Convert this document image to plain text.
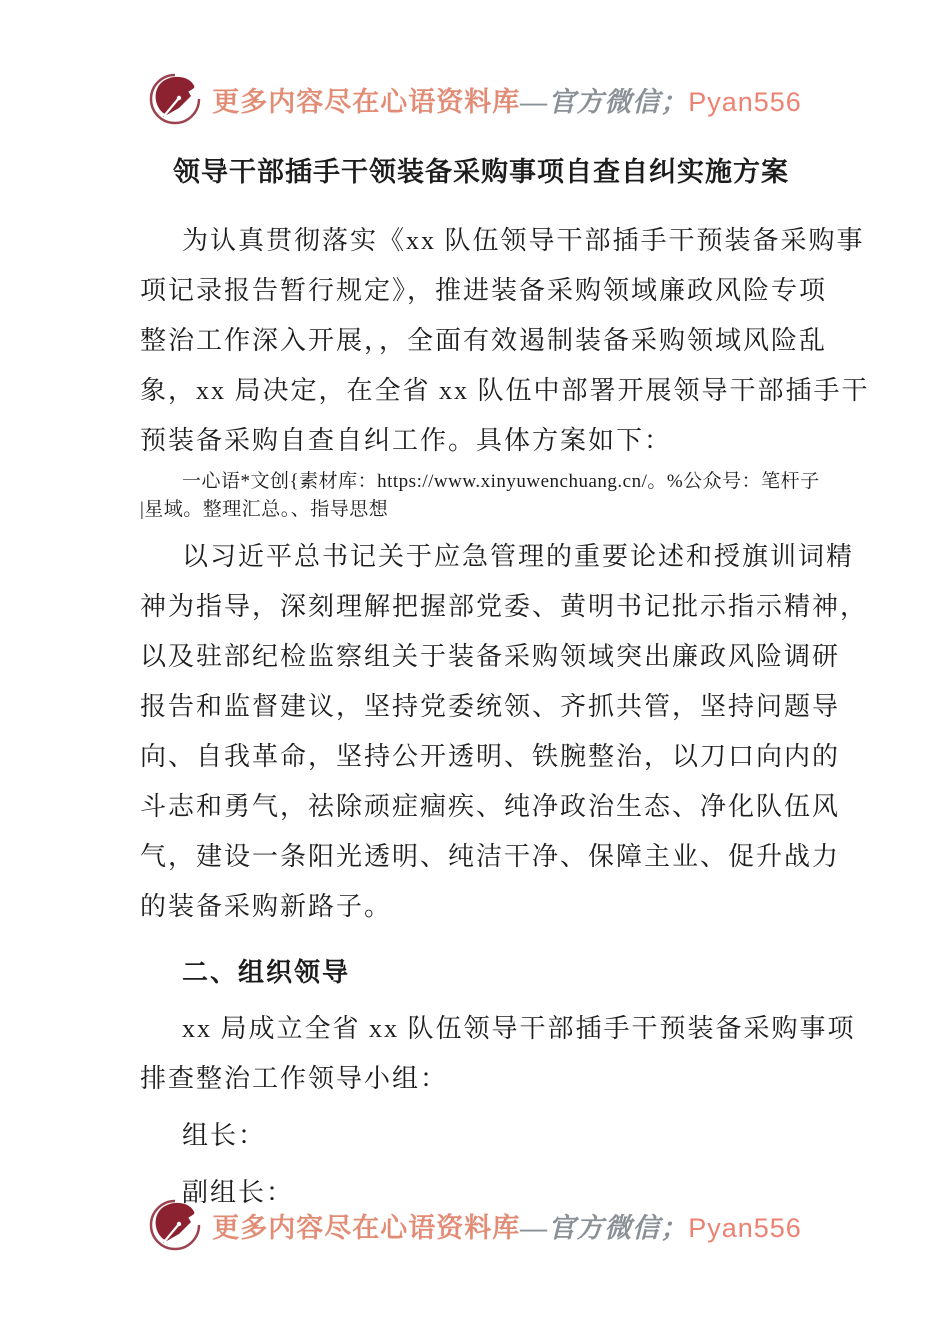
更多内容尽在心语资料库—官方微信；Pyan556
领导干部插手干领装备采购事项自查自纠实施方案
为认真贯彻落实《xx 队伍领导干部插手干预装备采购事
项记录报告暂行规定》，推进装备采购领域廉政风险专项
整治工作深入开展，，全面有效遏制装备采购领域风险乱
象，xx 局决定，在全省 xx 队伍中部署开展领导干部插手干
预装备采购自查自纠工作。具体方案如下：
一心语*文创{素材库：https://www.xinyuwenchuang.cn/。%公众号：笔杆子
|星域。整理汇总。、指导思想
以习近平总书记关于应急管理的重要论述和授旗训词精
神为指导，深刻理解把握部党委、黄明书记批示指示精神，
以及驻部纪检监察组关于装备采购领域突出廉政风险调研
报告和监督建议，坚持党委统领、齐抓共管，坚持问题导
向、自我革命，坚持公开透明、铁腕整治，以刀口向内的
斗志和勇气，祛除顽症痼疾、纯净政治生态、净化队伍风
气，建设一条阳光透明、纯洁干净、保障主业、促升战力
的装备采购新路子。
二、组织领导
xx 局成立全省 xx 队伍领导干部插手干预装备采购事项
排查整治工作领导小组：
组长：
副组长：
更多内容尽在心语资料库—官方微信；Pyan556
